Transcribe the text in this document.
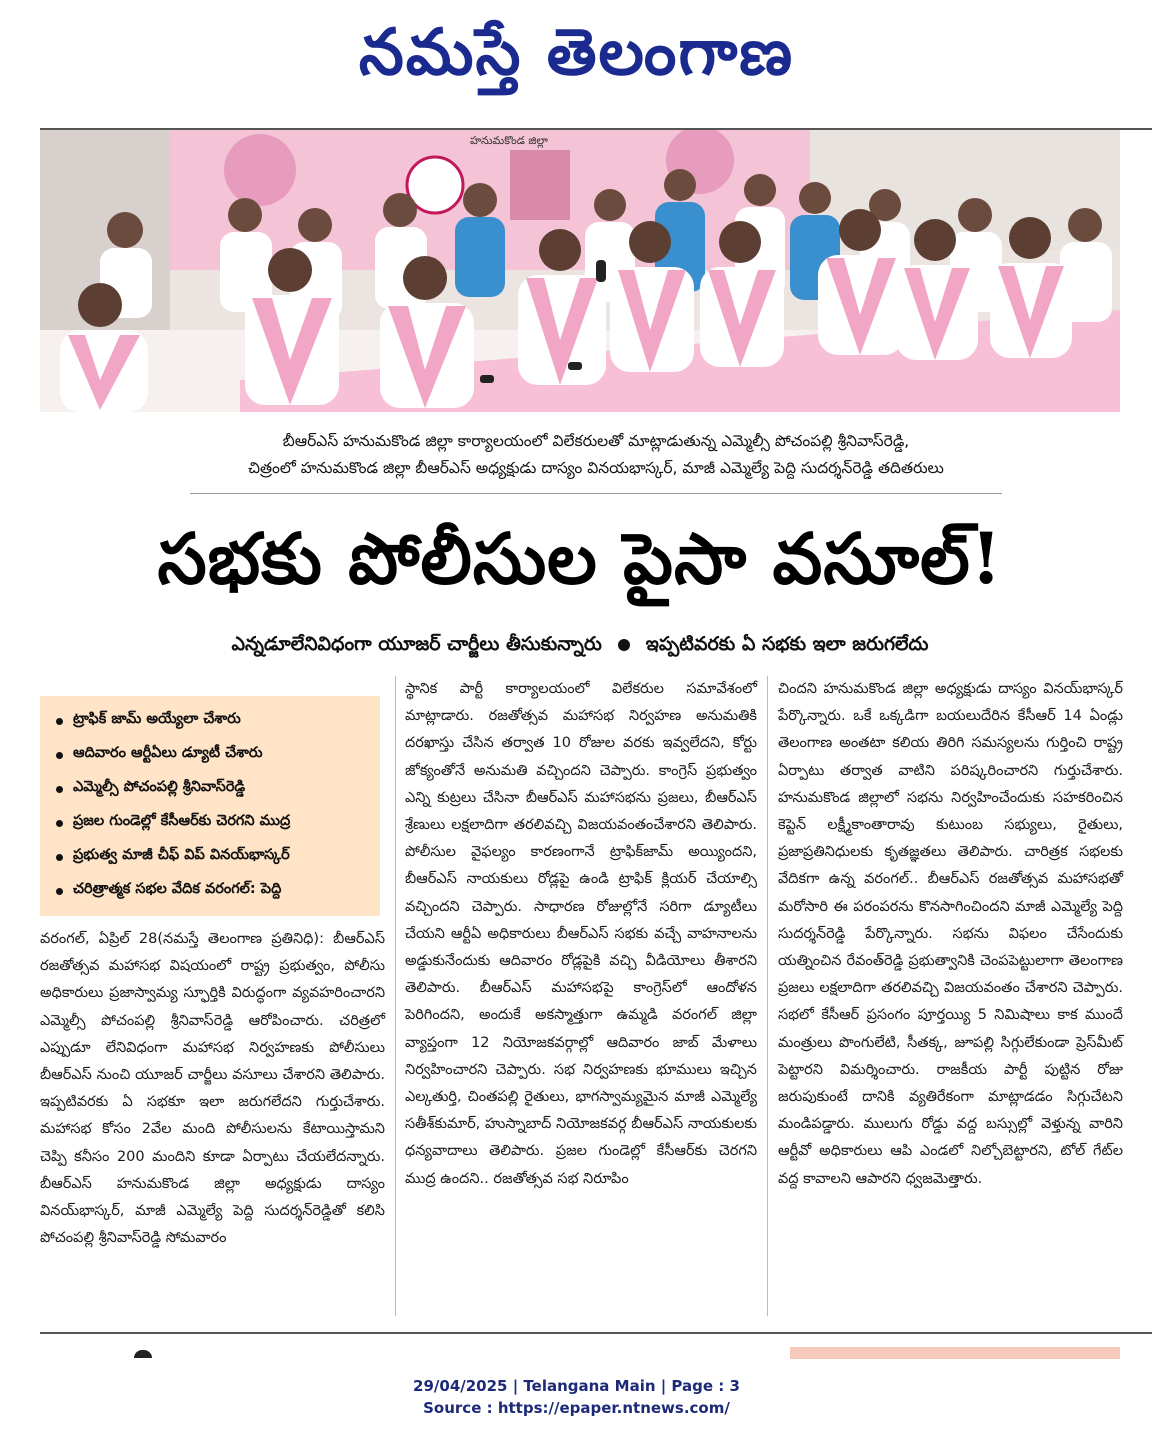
నమస్తే తెలంగాణ
హనుమకొండ జిల్లా
బీఆర్ఎస్ హనుమకొండ జిల్లా కార్యాలయంలో విలేకరులతో మాట్లాడుతున్న ఎమ్మెల్సీ పోచంపల్లి శ్రీనివాస్‌రెడ్డి,
చిత్రంలో హనుమకొండ జిల్లా బీఆర్ఎస్ అధ్యక్షుడు దాస్యం వినయభాస్కర్, మాజీ ఎమ్మెల్యే పెద్ది సుదర్శన్‌రెడ్డి తదితరులు
సభకు పోలీసుల పైసా వసూల్!
ఎన్నడూలేనివిధంగా యూజర్ చార్జీలు తీసుకున్నారు ఇప్పటివరకు ఏ సభకు ఇలా జరుగలేదు
ట్రాఫిక్ జామ్ అయ్యేలా చేశారు
ఆదివారం ఆర్టీఏలు డ్యూటీ చేశారు
ఎమ్మెల్సీ పోచంపల్లి శ్రీనివాస్‌రెడ్డి
ప్రజల గుండెల్లో కేసీఆర్‌కు చెరగని ముద్ర
ప్రభుత్వ మాజీ చీఫ్ విప్ వినయ్‌భాస్కర్
చరిత్రాత్మక సభల వేదిక వరంగల్: పెద్ది

వరంగల్, ఏప్రిల్ 28(నమస్తే తెలంగాణ ప్రతినిధి): బీఆర్ఎస్ రజతోత్సవ మహాసభ విషయంలో రాష్ట్ర ప్రభుత్వం, పోలీసు అధికారులు ప్రజాస్వామ్య స్ఫూర్తికి విరుద్ధంగా వ్యవహరించారని ఎమ్మెల్సీ పోచంపల్లి శ్రీనివాస్‌రెడ్డి ఆరోపించారు. చరిత్రలో ఎప్పుడూ లేనివిధంగా మహాసభ నిర్వహణకు పోలీసులు బీఆర్ఎస్ నుంచి యూజర్ చార్జీలు వసూలు చేశారని తెలిపారు. ఇప్పటివరకు ఏ సభకూ ఇలా జరుగలేదని గుర్తుచేశారు. మహాసభ కోసం 2వేల మంది పోలీసులను కేటాయిస్తామని చెప్పి కనీసం 200 మందిని కూడా ఏర్పాటు చేయలేదన్నారు. బీఆర్ఎస్ హనుమకొండ జిల్లా అధ్యక్షుడు దాస్యం వినయ్‌భాస్కర్, మాజీ ఎమ్మెల్యే పెద్ది సుదర్శన్‌రెడ్డితో కలిసి పోచంపల్లి శ్రీనివాస్‌రెడ్డి సోమవారం

స్థానిక పార్టీ కార్యాలయంలో విలేకరుల సమావేశంలో మాట్లాడారు. రజతోత్సవ మహాసభ నిర్వహణ అనుమతికి దరఖాస్తు చేసిన తర్వాత 10 రోజుల వరకు ఇవ్వలేదని, కోర్టు జోక్యంతోనే అనుమతి వచ్చిందని చెప్పారు. కాంగ్రెస్ ప్రభుత్వం ఎన్ని కుట్రలు చేసినా బీఆర్ఎస్ మహాసభను ప్రజలు, బీఆర్ఎస్ శ్రేణులు లక్షలాదిగా తరలివచ్చి విజయవంతంచేశారని తెలిపారు. పోలీసుల వైఫల్యం కారణంగానే ట్రాఫిక్‌జామ్ అయ్యిందని, బీఆర్ఎస్ నాయకులు రోడ్లపై ఉండి ట్రాఫిక్ క్లియర్ చేయాల్సి వచ్చిందని చెప్పారు. సాధారణ రోజుల్లోనే సరిగా డ్యూటీలు చేయని ఆర్టీఏ అధికారులు బీఆర్ఎస్ సభకు వచ్చే వాహనాలను అడ్డుకునేందుకు ఆదివారం రోడ్లపైకి వచ్చి వీడియోలు తీశారని తెలిపారు. బీఆర్ఎస్ మహాసభపై కాంగ్రెస్‌లో ఆందోళన పెరిగిందని, అందుకే అకస్మాత్తుగా ఉమ్మడి వరంగల్ జిల్లా వ్యాప్తంగా 12 నియోజకవర్గాల్లో ఆదివారం జాబ్ మేళాలు నిర్వహించారని చెప్పారు. సభ నిర్వహణకు భూములు ఇచ్చిన ఎల్కతుర్తి, చింతపల్లి రైతులు, భాగస్వామ్యమైన మాజీ ఎమ్మెల్యే సతీశ్‌కుమార్, హుస్నాబాద్ నియోజకవర్గ బీఆర్ఎస్ నాయకులకు ధన్యవాదాలు తెలిపారు. ప్రజల గుండెల్లో కేసీఆర్‌కు చెరగని ముద్ర ఉందని.. రజతోత్సవ సభ నిరూపిం

చిందని హనుమకొండ జిల్లా అధ్యక్షుడు దాస్యం వినయ్‌భాస్కర్ పేర్కొన్నారు. ఒకే ఒక్కడిగా బయలుదేరిన కేసీఆర్ 14 ఏండ్లు తెలంగాణ అంతటా కలియ తిరిగి సమస్యలను గుర్తించి రాష్ట్ర ఏర్పాటు తర్వాత వాటిని పరిష్కరించారని గుర్తుచేశారు. హనుమకొండ జిల్లాలో సభను నిర్వహించేందుకు సహకరించిన కెప్టెన్ లక్ష్మీకాంతారావు కుటుంబ సభ్యులు, రైతులు, ప్రజాప్రతినిధులకు కృతజ్ఞతలు తెలిపారు. చారిత్రక సభలకు వేదికగా ఉన్న వరంగల్.. బీఆర్ఎస్ రజతోత్సవ మహాసభతో మరోసారి ఈ పరంపరను కొనసాగించిందని మాజీ ఎమ్మెల్యే పెద్ది సుదర్శన్‌రెడ్డి పేర్కొన్నారు. సభను విఫలం చేసేందుకు యత్నించిన రేవంత్‌రెడ్డి ప్రభుత్వానికి చెంపపెట్టులాగా తెలంగాణ ప్రజలు లక్షలాదిగా తరలివచ్చి విజయవంతం చేశారని చెప్పారు. సభలో కేసీఆర్ ప్రసంగం పూర్తయ్యి 5 నిమిషాలు కాక ముందే మంత్రులు పొంగులేటి, సీతక్క, జూపల్లి సిగ్గులేకుండా ప్రెస్‌మీట్ పెట్టారని విమర్శించారు. రాజకీయ పార్టీ పుట్టిన రోజు జరుపుకుంటే దానికి వ్యతిరేకంగా మాట్లాడడం సిగ్గుచేటని మండిపడ్డారు. ములుగు రోడ్డు వద్ద బస్సుల్లో వెళ్తున్న వారిని ఆర్టీవో అధికారులు ఆపి ఎండలో నిల్చోబెట్టారని, టోల్ గేట్‌ల వద్ద కావాలని ఆపారని ధ్వజమెత్తారు.

29/04/2025 | Telangana Main | Page : 3
Source : https://epaper.ntnews.com/
